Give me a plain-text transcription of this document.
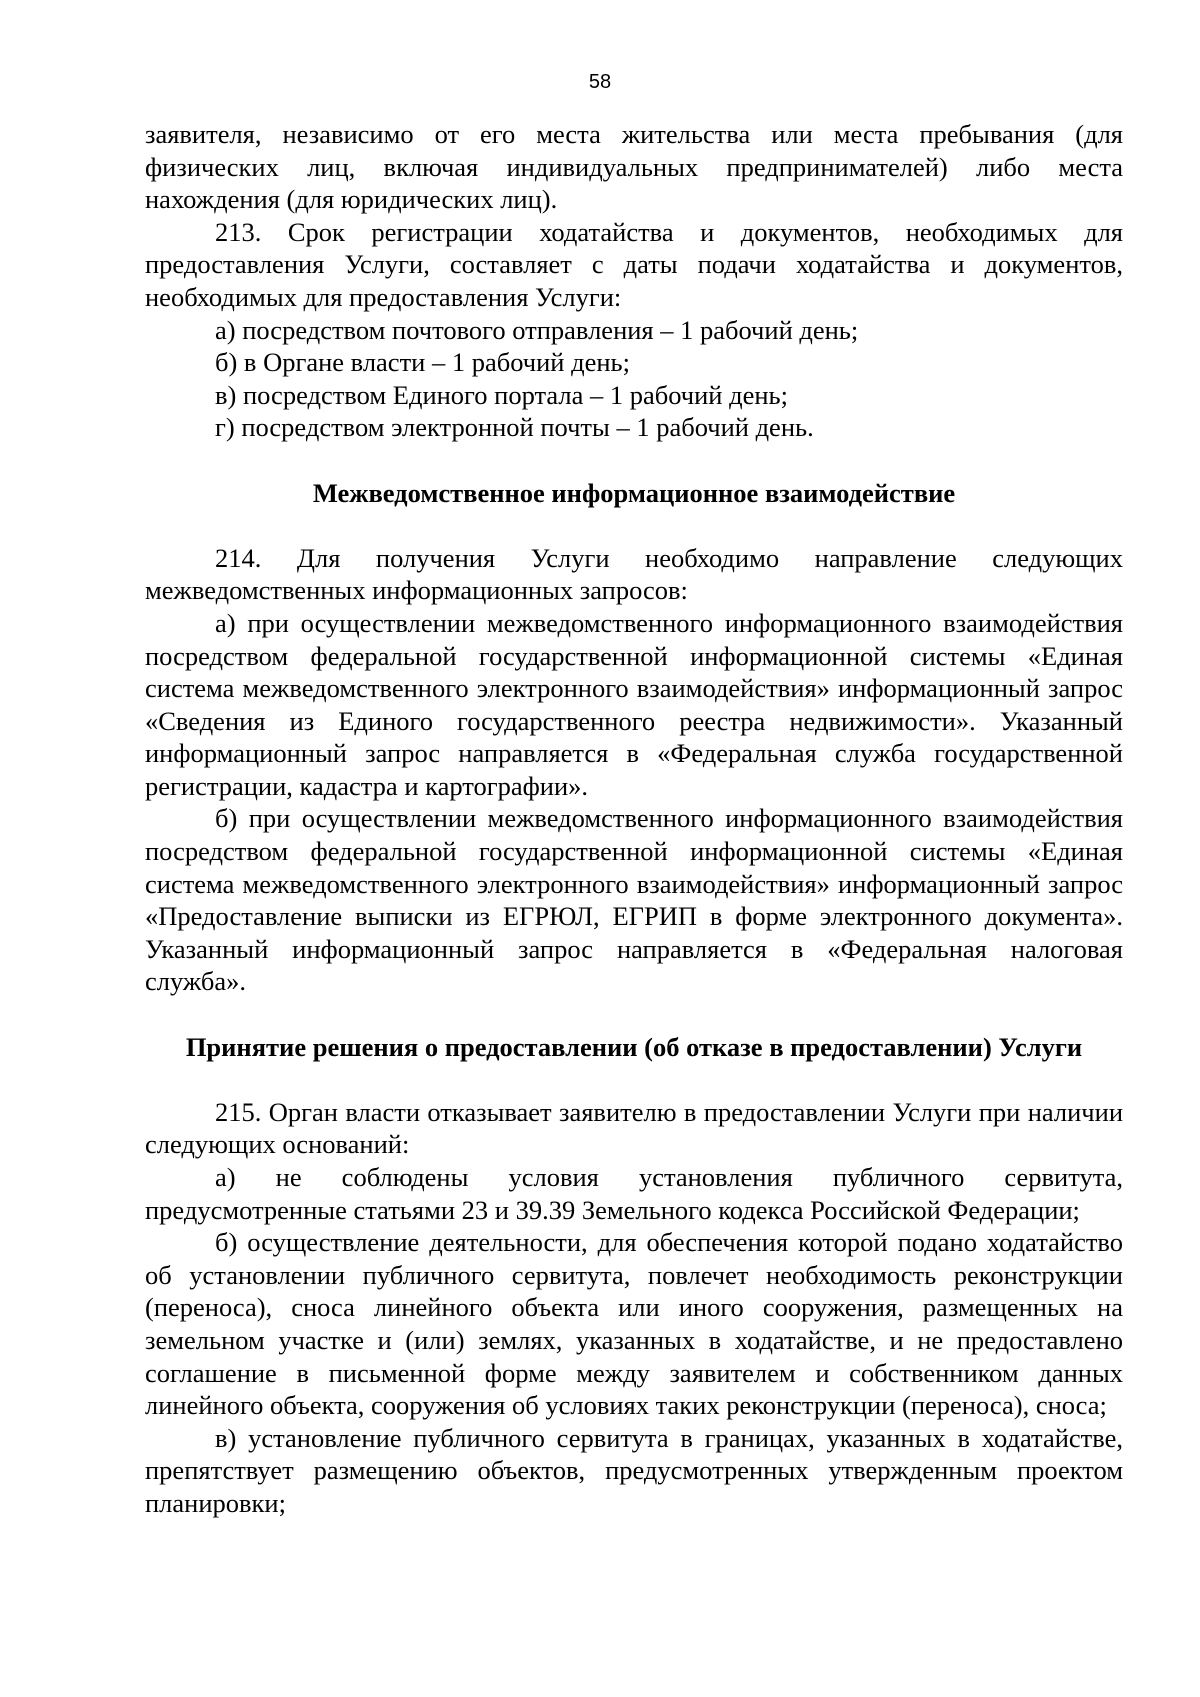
58

заявителя, независимо от его места жительства или места пребывания (для физических лиц, включая индивидуальных предпринимателей) либо места нахождения (для юридических лиц).

213. Срок регистрации ходатайства и документов, необходимых для предоставления Услуги, составляет с даты подачи ходатайства и документов, необходимых для предоставления Услуги:

а) посредством почтового отправления – 1 рабочий день;

б) в Органе власти – 1 рабочий день;

в) посредством Единого портала – 1 рабочий день;

г) посредством электронной почты – 1 рабочий день.

Межведомственное информационное взаимодействие

214. Для получения Услуги необходимо направление следующих межведомственных информационных запросов:

а) при осуществлении межведомственного информационного взаимодействия посредством федеральной государственной информационной системы «Единая система межведомственного электронного взаимодействия» информационный запрос «Сведения из Единого государственного реестра недвижимости». Указанный информационный запрос направляется в «Федеральная служба государственной регистрации, кадастра и картографии».

б) при осуществлении межведомственного информационного взаимодействия посредством федеральной государственной информационной системы «Единая система межведомственного электронного взаимодействия» информационный запрос «Предоставление выписки из ЕГРЮЛ, ЕГРИП в форме электронного документа». Указанный информационный запрос направляется в «Федеральная налоговая служба».

Принятие решения о предоставлении (об отказе в предоставлении) Услуги

215. Орган власти отказывает заявителю в предоставлении Услуги при наличии следующих оснований:

а) не соблюдены условия установления публичного сервитута, предусмотренные статьями 23 и 39.39 Земельного кодекса Российской Федерации;

б) осуществление деятельности, для обеспечения которой подано ходатайство об установлении публичного сервитута, повлечет необходимость реконструкции (переноса), сноса линейного объекта или иного сооружения, размещенных на земельном участке и (или) землях, указанных в ходатайстве, и не предоставлено соглашение в письменной форме между заявителем и собственником данных линейного объекта, сооружения об условиях таких реконструкции (переноса), сноса;

в) установление публичного сервитута в границах, указанных в ходатайстве, препятствует размещению объектов, предусмотренных утвержденным проектом планировки;
